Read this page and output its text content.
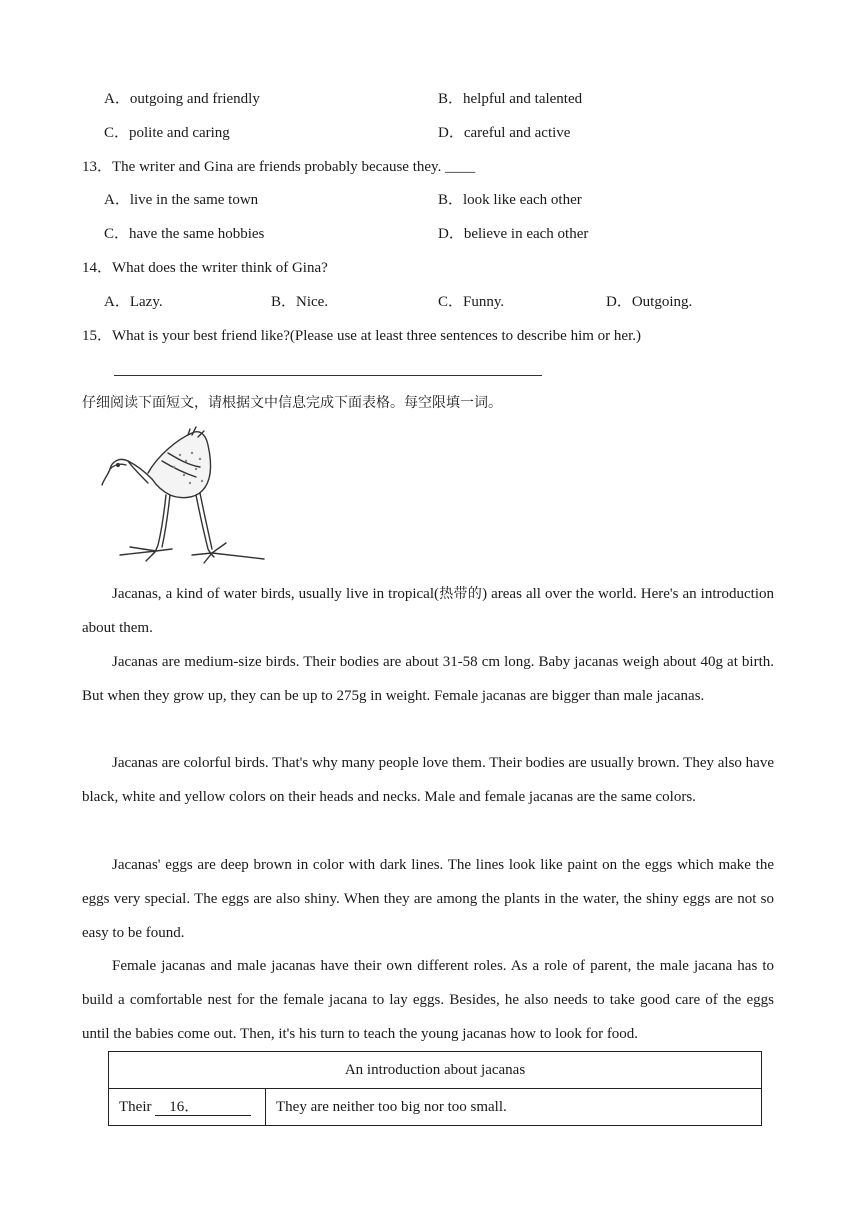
A．outgoing and friendly	B．helpful and talented
C．polite and caring	D．careful and active
13．The writer and Gina are friends probably because they. ____
A．live in the same town	B．look like each other
C．have the same hobbies	D．believe in each other
14．What does the writer think of Gina?
A．Lazy.	B．Nice.	C．Funny.	D．Outgoing.
15．What is your best friend like?(Please use at least three sentences to describe him or her.)
仔细阅读下面短文，请根据文中信息完成下面表格。每空限填一词。
Jacanas, a kind of water birds, usually live in tropical(热带的) areas all over the world. Here's an introduction about them.
Jacanas are medium-size birds. Their bodies are about 31-58 cm long. Baby jacanas weigh about 40g at birth. But when they grow up, they can be up to 275g in weight. Female jacanas are bigger than male jacanas.
Jacanas are colorful birds. That's why many people love them. Their bodies are usually brown. They also have black, white and yellow colors on their heads and necks. Male and female jacanas are the same colors.
Jacanas' eggs are deep brown in color with dark lines. The lines look like paint on the eggs which make the eggs very special. The eggs are also shiny. When they are among the plants in the water, the shiny eggs are not so easy to be found.
Female jacanas and male jacanas have their own different roles. As a role of parent, the male jacana has to build a comfortable nest for the female jacana to lay eggs. Besides, he also needs to take good care of the eggs until the babies come out. Then, it's his turn to teach the young jacanas how to look for food.
An introduction about jacanas
Their 16．	They are neither too big nor too small.
